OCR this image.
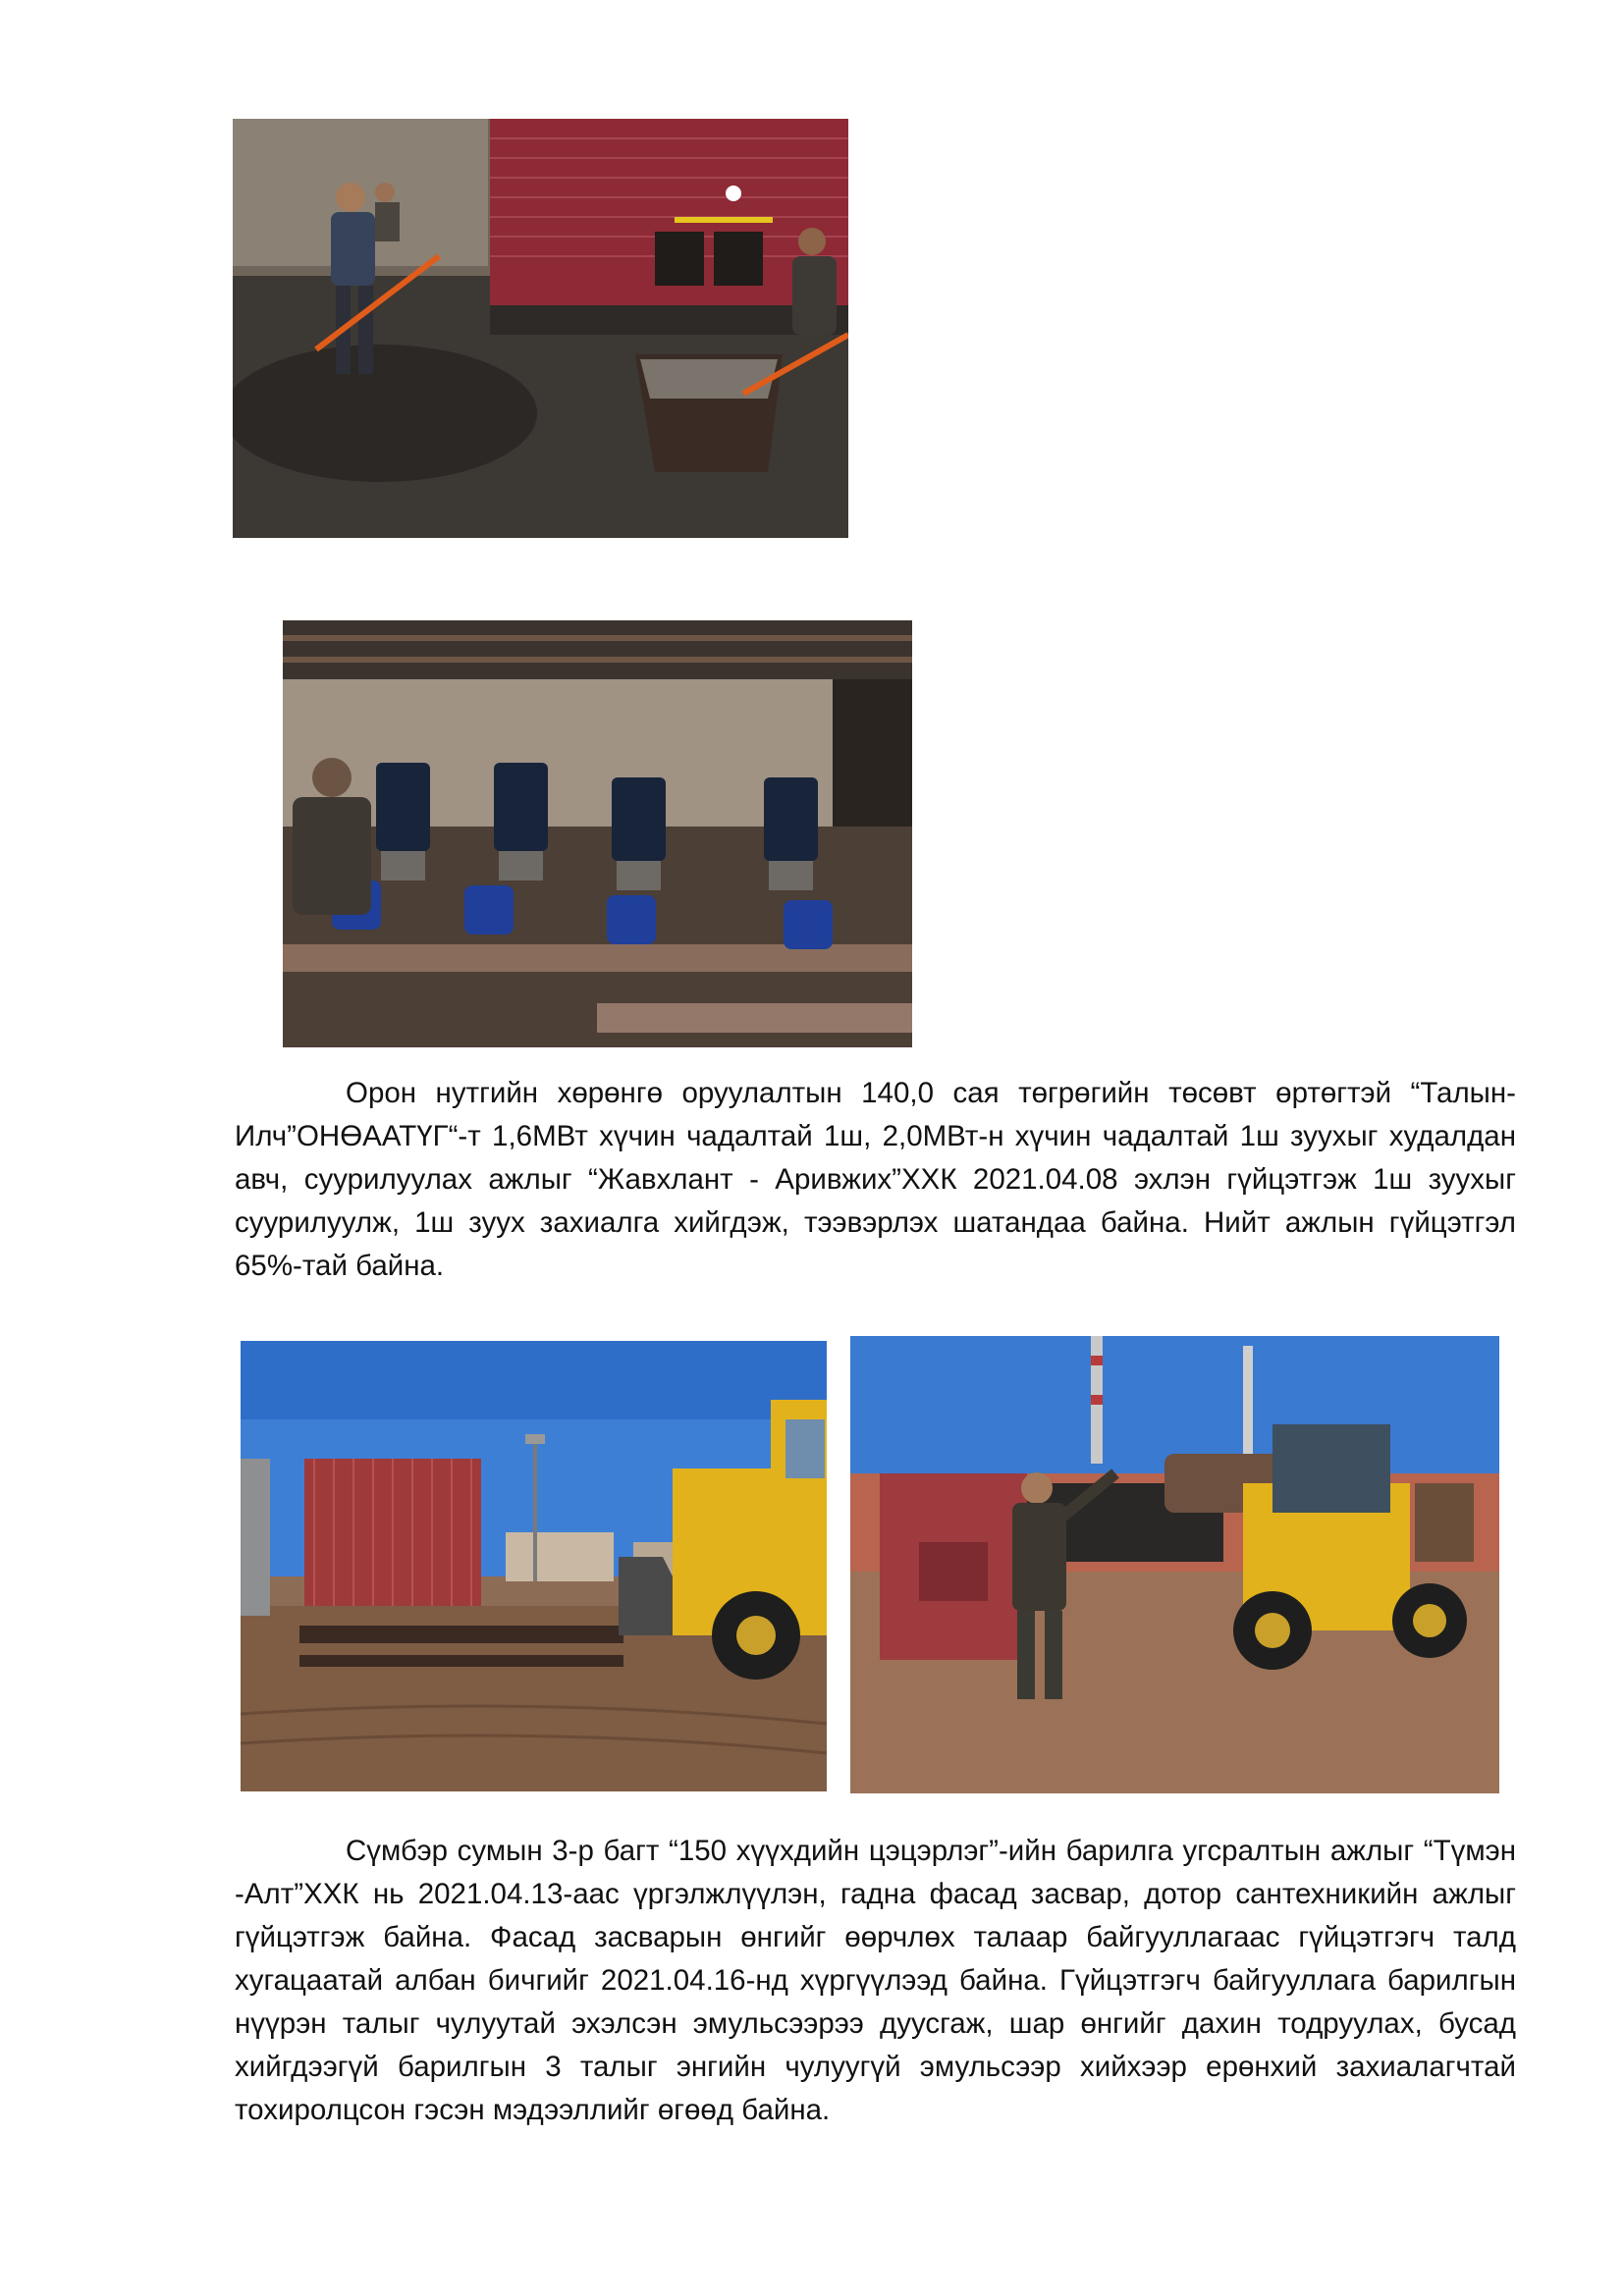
Орон нутгийн хөрөнгө оруулалтын 140,0 сая төгрөгийн төсөвт өртөгтэй “Талын-Илч”ОНӨААТҮГ“-т 1,6МВт хүчин чадалтай 1ш, 2,0МВт-н хүчин чадалтай 1ш зуухыг худалдан авч, суурилуулах ажлыг “Жавхлант - Аривжих”ХХК 2021.04.08 эхлэн гүйцэтгэж 1ш зуухыг суурилуулж, 1ш зуух захиалга хийгдэж, тээвэрлэх шатандаа байна. Нийт ажлын гүйцэтгэл 65%-тай байна.

Сүмбэр сумын 3-р багт “150 хүүхдийн цэцэрлэг”-ийн барилга угсралтын ажлыг “Түмэн -Алт”ХХК нь 2021.04.13-аас үргэлжлүүлэн, гадна фасад засвар, дотор сантехникийн ажлыг гүйцэтгэж байна. Фасад засварын өнгийг өөрчлөх талаар байгууллагаас гүйцэтгэгч талд хугацаатай албан бичгийг 2021.04.16-нд хүргүүлээд байна. Гүйцэтгэгч байгууллага барилгын нүүрэн талыг чулуутай эхэлсэн эмульсээрээ дуусгаж, шар өнгийг дахин тодруулах, бусад хийгдээгүй барилгын 3 талыг энгийн чулуугүй эмульсээр хийхээр ерөнхий захиалагчтай тохиролцсон гэсэн мэдээллийг өгөөд байна.
